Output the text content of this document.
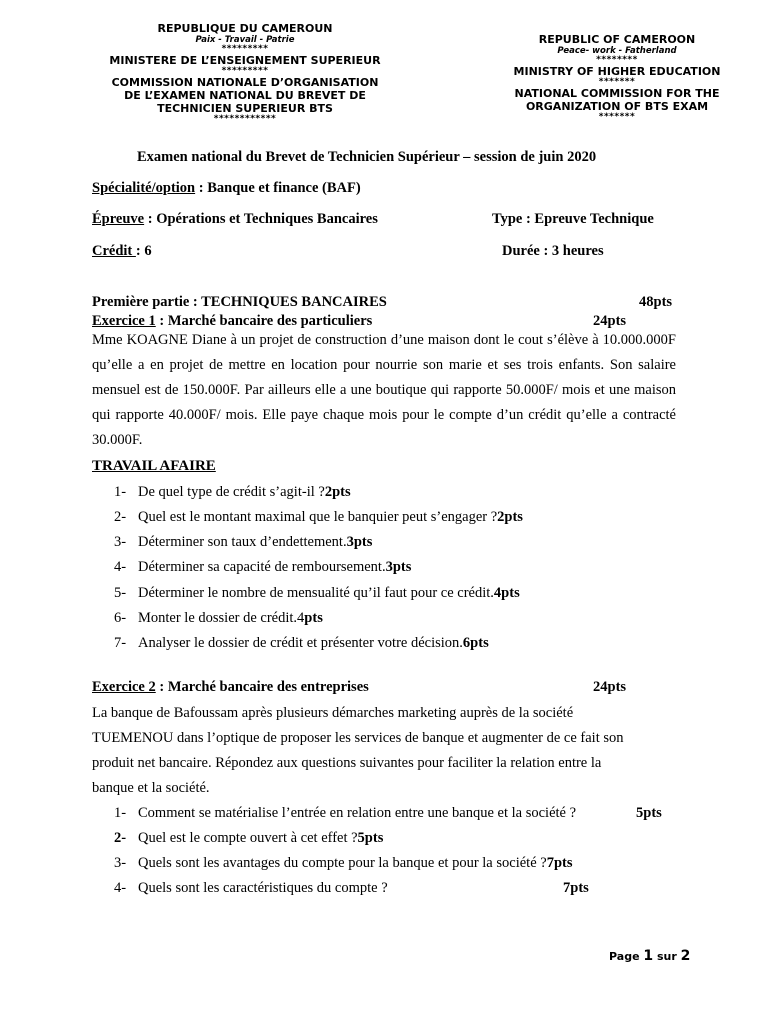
REPUBLIQUE DU CAMEROUN
Paix - Travail - Patrie
*********
MINISTERE DE L’ENSEIGNEMENT SUPERIEUR
*********
COMMISSION NATIONALE D’ORGANISATION
DE L’EXAMEN NATIONAL DU BREVET DE
TECHNICIEN SUPERIEUR BTS
************
REPUBLIC OF CAMEROON
Peace- work - Fatherland
********
MINISTRY OF HIGHER EDUCATION
*******
NATIONAL COMMISSION FOR THE
ORGANIZATION OF BTS EXAM
*******
Examen national du Brevet de Technicien Supérieur – session de juin 2020
Spécialité/option : Banque et finance (BAF)
Épreuve : Opérations et Techniques Bancaires	Type : Epreuve Technique
Crédit : 6	Durée : 3 heures
Première partie : TECHNIQUES BANCAIRES	48pts
Exercice 1 : Marché bancaire des particuliers	24pts
Mme KOAGNE Diane à un projet de construction d’une maison dont le cout s’élève à 10.000.000F qu’elle a en projet de mettre en location pour nourrie son marie et ses trois enfants. Son salaire mensuel est de 150.000F. Par ailleurs elle a une boutique qui rapporte 50.000F/ mois et une maison qui rapporte 40.000F/ mois. Elle paye chaque mois pour le compte d’un crédit qu’elle a contracté 30.000F.
TRAVAIL AFAIRE
1- De quel type de crédit s’agit-il ?2pts
2- Quel est le montant maximal que le banquier peut s’engager ?2pts
3- Déterminer son taux d’endettement.3pts
4- Déterminer sa capacité de remboursement.3pts
5- Déterminer le nombre de mensualité qu’il faut pour ce crédit.4pts
6- Monter le dossier de crédit.4pts
7- Analyser le dossier de crédit et présenter votre décision.6pts
Exercice 2 : Marché bancaire des entreprises	24pts
La banque de Bafoussam après plusieurs démarches marketing auprès de la société
TUEMENOU dans l’optique de proposer les services de banque et augmenter de ce fait son
produit net bancaire. Répondez aux questions suivantes pour faciliter la relation entre la
banque et la société.
1- Comment se matérialise l’entrée en relation entre une banque et la société ?	5pts
2- Quel est le compte ouvert à cet effet ?5pts
3- Quels sont les avantages du compte pour la banque et pour la société ?7pts
4- Quels sont les caractéristiques du compte ?	7pts
Page 1 sur 2
